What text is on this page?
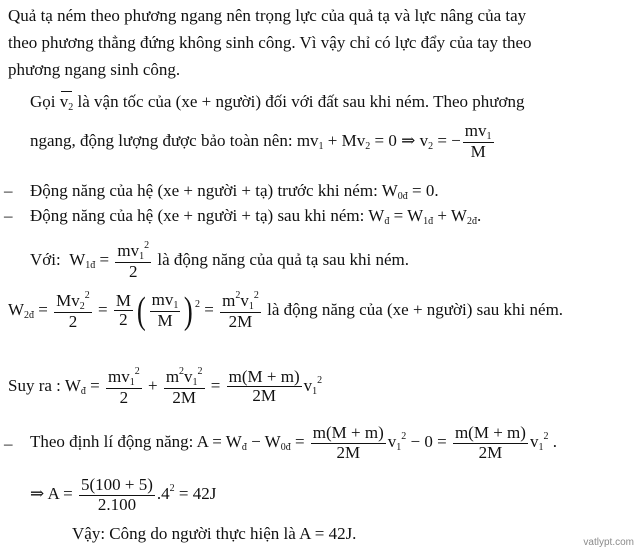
Quả tạ ném theo phương ngang nên trọng lực của quả tạ và lực nâng của tay
theo phương thẳng đứng không sinh công. Vì vậy chỉ có lực đẩy của tay theo
phương ngang sinh công.
Gọi $v_2$ là vận tốc của (xe + người) đối với đất sau khi ném. Theo phương
ngang, động lượng được bảo toàn nên: $mv_1 + Mv_2 = 0$ ⇒ $v_2$ = − $\frac{mv_1}{M}$
– Động năng của hệ (xe + người + tạ) trước khi ném: $W_{0đ} = 0$.
– Động năng của hệ (xe + người + tạ) sau khi ném: $W_đ = W_{1đ} + W_{2đ}$.
Với:  $W_{1đ} = \frac{mv_1^2}{2}$ là động năng của quả tạ sau khi ném.
$W_{2đ} = \frac{Mv_2^2}{2} = \frac{M}{2}$ ( $\frac{mv_1}{M}$ ) $^2 = \frac{m^2v_1^2}{2M}$ là động năng của (xe + người) sau khi ném.
Suy ra : $W_đ = \frac{mv_1^2}{2} + \frac{m^2v_1^2}{2M} = \frac{m(M + m)}{2M} v_1^2$
– Theo định lí động năng: $A = W_đ - W_{0đ} = \frac{m(M + m)}{2M} v_1^2 - 0 = \frac{m(M + m)}{2M} v_1^2$ .
⇒ $A = \frac{5(100 + 5)}{2.100} .4^2 = 42J$
Vậy: Công do người thực hiện là A = 42J.	vatlypt.com
